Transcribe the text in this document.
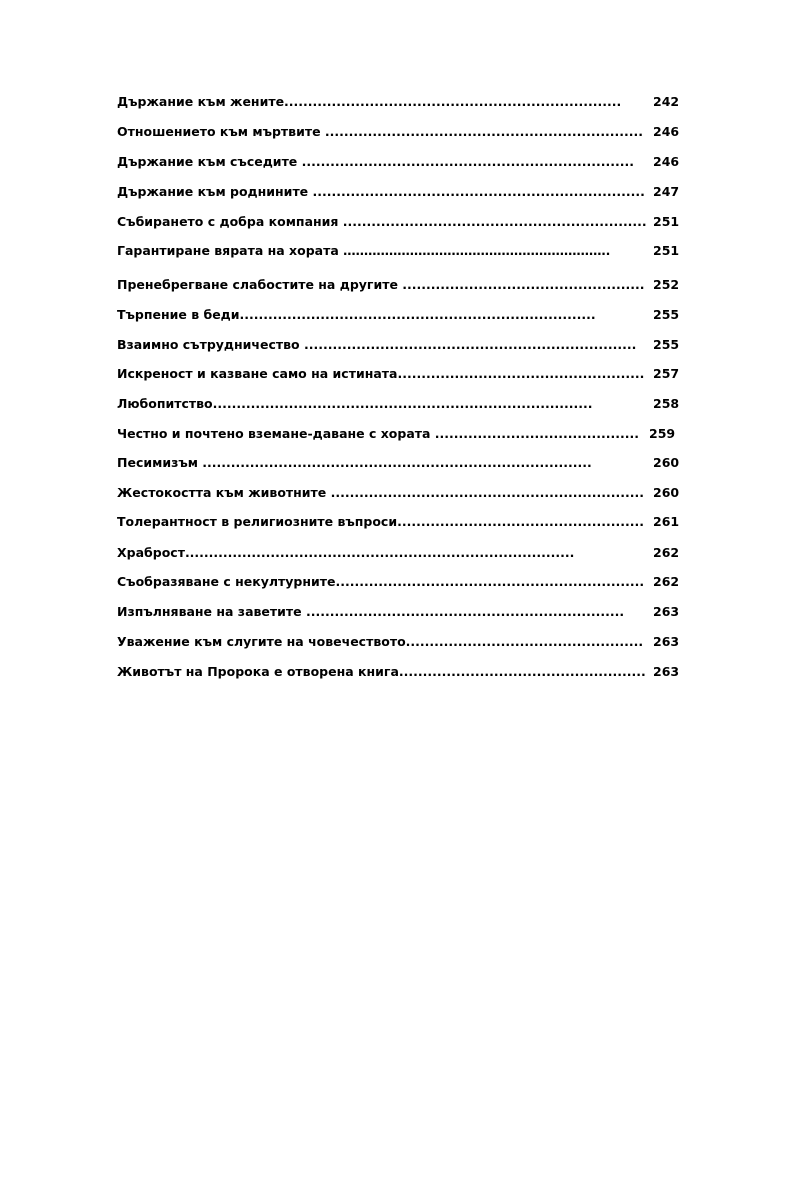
Държание към жените.......................................................................	242
Отношението към мъртвите ................................................................... 246
Държание към съседите ...................................................................... 246
Държание към роднините ...................................................................... 247
Събирането с добра компания ................................................................ 251
Гарантиране вярата на хората ……………………………………………………….	251
Пренебрегване слабостите на другите ................................................... 252
Търпение в беди...........................................................................	255
Взаимно сътрудничество ...................................................................... 255
Искреност и казване само на истината.................................................... 257
Любопитство................................................................................	258
Честно и почтено вземане-даване с хората ........................................... 259
Песимизъм ..................................................................................	260
Жестокостта към животните .................................................................. 260
Толерантност в религиозните въпроси.................................................... 261
Храброст..................................................................................	262
Съобразяване с некултурните................................................................. 262
Изпълняване на заветите ................................................................... 263
Уважение към слугите на човечеството.................................................. 263
Животът на Пророка е отворена книга.................................................... 263
